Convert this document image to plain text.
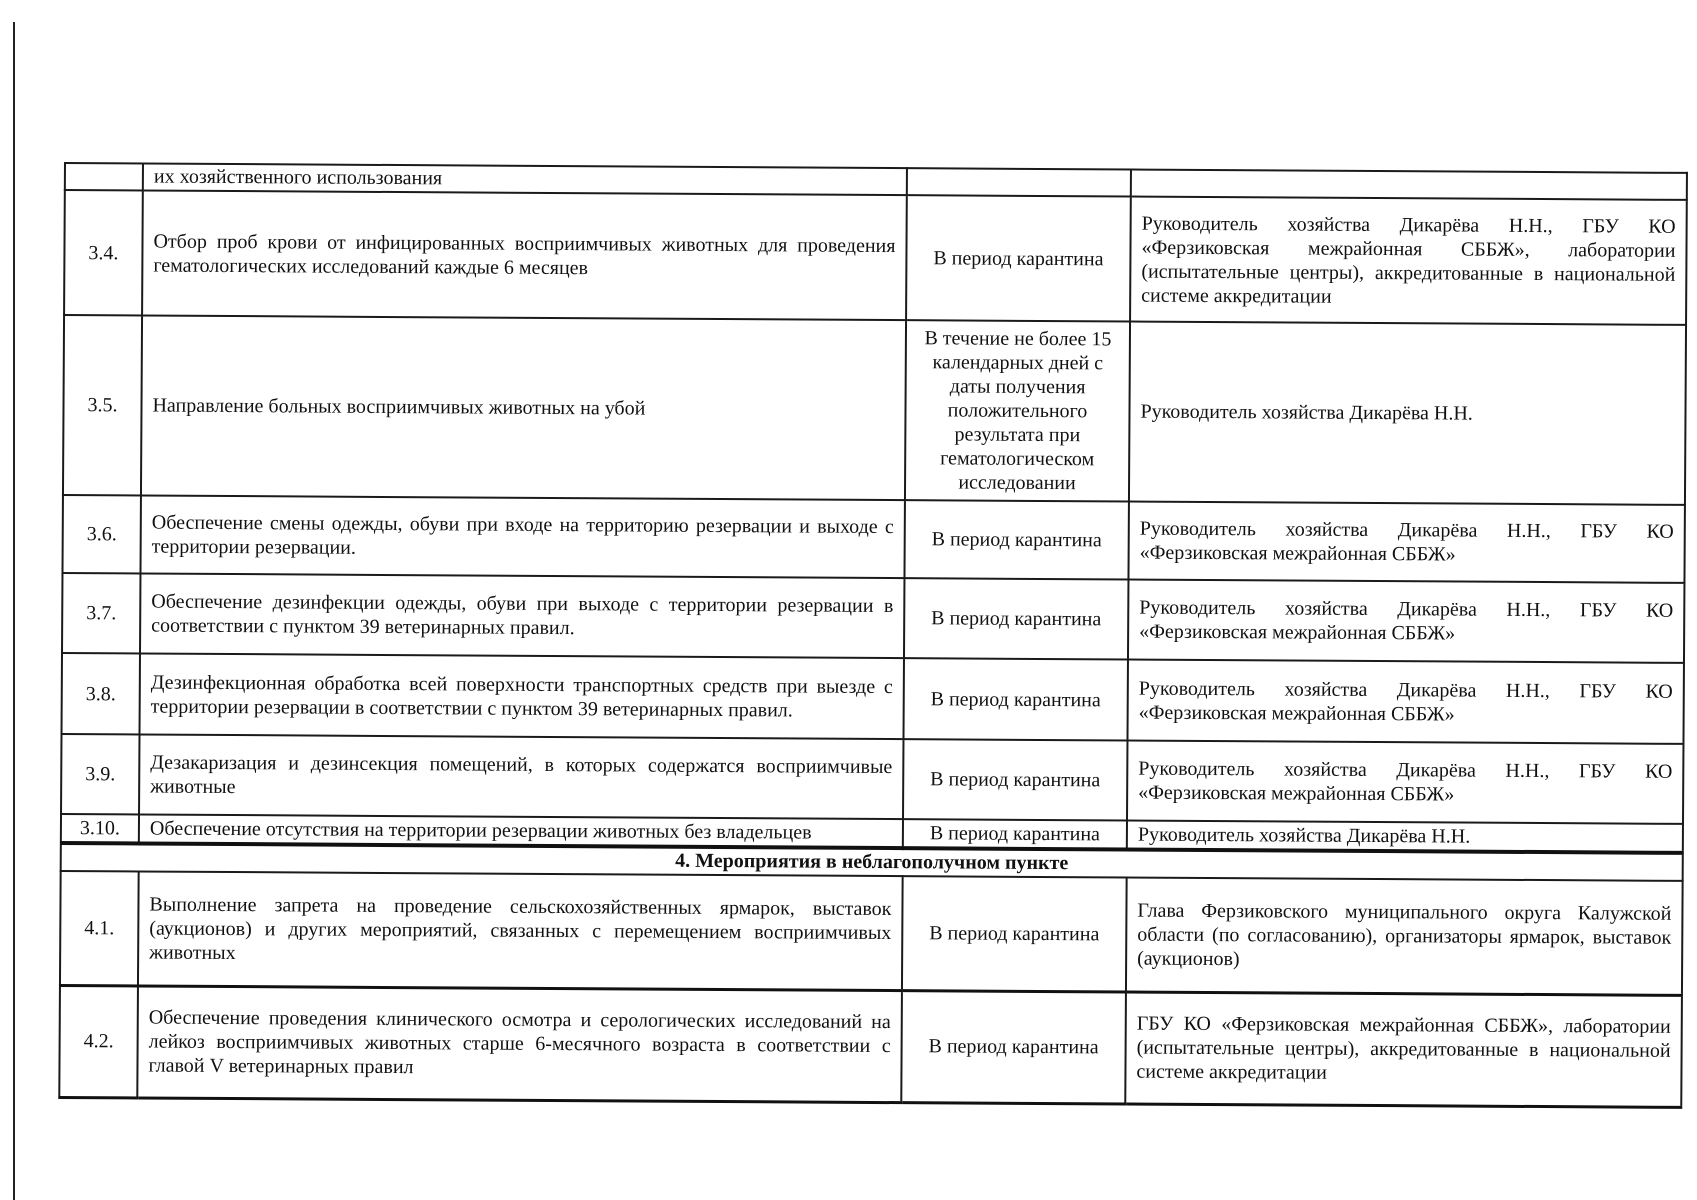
	их хозяйственного использования		
3.4.	Отбор проб крови от инфицированных восприимчивых животных для проведения гематологических исследований каждые 6 месяцев	В период карантина	Руководитель хозяйства Дикарёва Н.Н., ГБУ КО «Ферзиковская межрайонная СББЖ», лаборатории (испытательные центры), аккредитованные в национальной системе аккредитации
3.5.	Направление больных восприимчивых животных на убой	В течение не более 15 календарных дней с даты получения положительного результата при гематологическом исследовании	Руководитель хозяйства Дикарёва Н.Н.
3.6.	Обеспечение смены одежды, обуви при входе на территорию резервации и выходе с территории резервации.	В период карантина	Руководитель хозяйства Дикарёва Н.Н., ГБУ КО «Ферзиковская межрайонная СББЖ»
3.7.	Обеспечение дезинфекции одежды, обуви при выходе с территории резервации в соответствии с пунктом 39 ветеринарных правил.	В период карантина	Руководитель хозяйства Дикарёва Н.Н., ГБУ КО «Ферзиковская межрайонная СББЖ»
3.8.	Дезинфекционная обработка всей поверхности транспортных средств при выезде с территории резервации в соответствии с пунктом 39 ветеринарных правил.	В период карантина	Руководитель хозяйства Дикарёва Н.Н., ГБУ КО «Ферзиковская межрайонная СББЖ»
3.9.	Дезакаризация и дезинсекция помещений, в которых содержатся восприимчивые животные	В период карантина	Руководитель хозяйства Дикарёва Н.Н., ГБУ КО «Ферзиковская межрайонная СББЖ»
3.10.	Обеспечение отсутствия на территории резервации животных без владельцев	В период карантина	Руководитель хозяйства Дикарёва Н.Н.
4. Мероприятия в неблагополучном пункте			
4.1.	Выполнение запрета на проведение сельскохозяйственных ярмарок, выставок (аукционов) и других мероприятий, связанных с перемещением восприимчивых животных	В период карантина	Глава Ферзиковского муниципального округа Калужской области (по согласованию), организаторы ярмарок, выставок (аукционов)
4.2.	Обеспечение проведения клинического осмотра и серологических исследований на лейкоз восприимчивых животных старше 6-месячного возраста в соответствии с главой V ветеринарных правил	В период карантина	ГБУ КО «Ферзиковская межрайонная СББЖ», лаборатории (испытательные центры), аккредитованные в национальной системе аккредитации
